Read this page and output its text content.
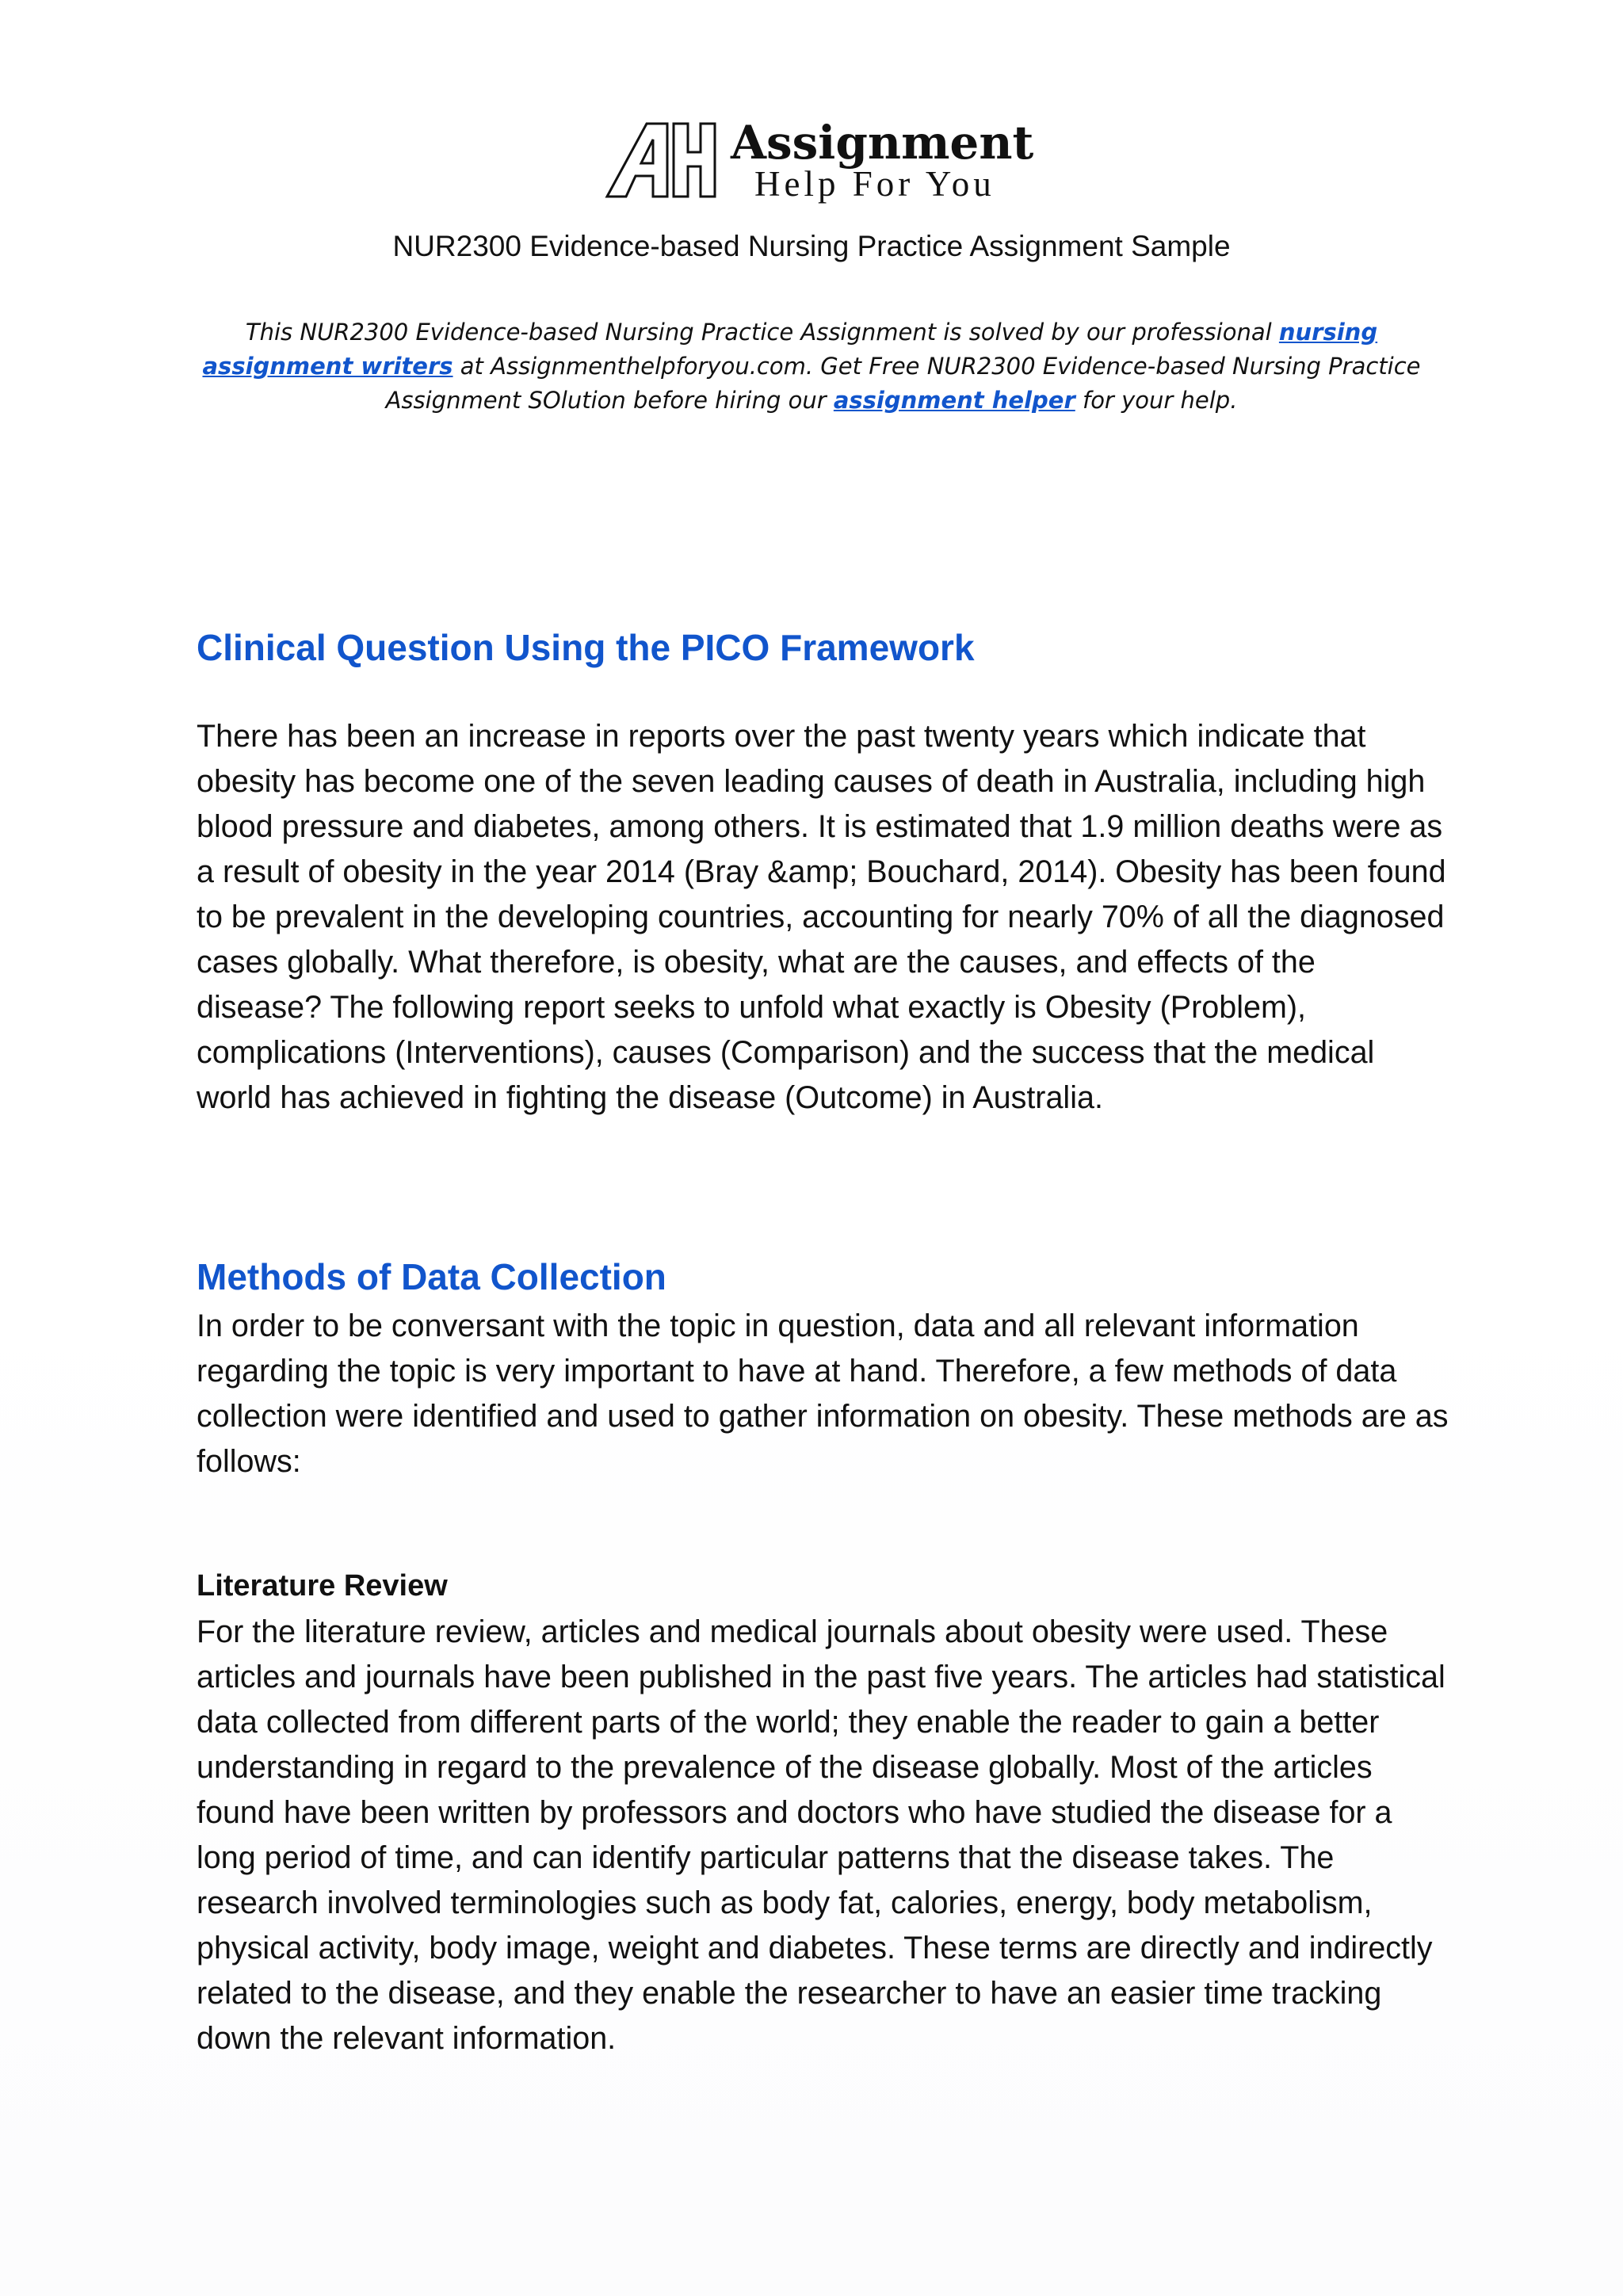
Assignment
Help For You
NUR2300 Evidence-based Nursing Practice Assignment Sample

This NUR2300 Evidence-based Nursing Practice Assignment is solved by our professional nursing assignment writers at Assignmenthelpforyou.com. Get Free NUR2300 Evidence-based Nursing Practice Assignment SOlution before hiring our assignment helper for your help.

Clinical Question Using the PICO Framework

There has been an increase in reports over the past twenty years which indicate that obesity has become one of the seven leading causes of death in Australia, including high blood pressure and diabetes, among others. It is estimated that 1.9 million deaths were as a result of obesity in the year 2014 (Bray &amp; Bouchard, 2014). Obesity has been found to be prevalent in the developing countries, accounting for nearly 70% of all the diagnosed cases globally. What therefore, is obesity, what are the causes, and effects of the disease? The following report seeks to unfold what exactly is Obesity (Problem), complications (Interventions), causes (Comparison) and the success that the medical world has achieved in fighting the disease (Outcome) in Australia.

Methods of Data Collection

In order to be conversant with the topic in question, data and all relevant information regarding the topic is very important to have at hand. Therefore, a few methods of data collection were identified and used to gather information on obesity. These methods are as follows:

Literature Review

For the literature review, articles and medical journals about obesity were used. These articles and journals have been published in the past five years. The articles had statistical data collected from different parts of the world; they enable the reader to gain a better understanding in regard to the prevalence of the disease globally. Most of the articles found have been written by professors and doctors who have studied the disease for a long period of time, and can identify particular patterns that the disease takes. The research involved terminologies such as body fat, calories, energy, body metabolism, physical activity, body image, weight and diabetes. These terms are directly and indirectly related to the disease, and they enable the researcher to have an easier time tracking down the relevant information.
